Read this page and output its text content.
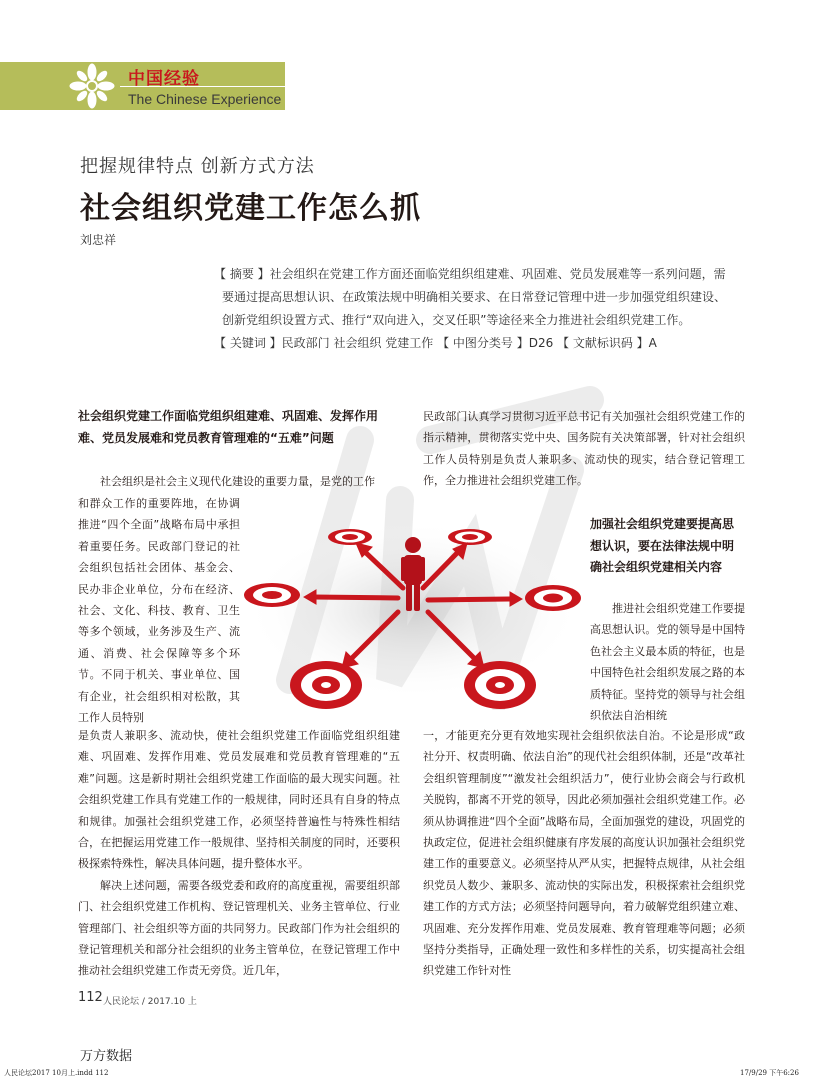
中国经验
The Chinese Experience
把握规律特点 创新方式方法
社会组织党建工作怎么抓
刘忠祥
【 摘要 】社会组织在党建工作方面还面临党组织组建难、巩固难、党员发展难等一系列问题，需
要通过提高思想认识、在政策法规中明确相关要求、在日常登记管理中进一步加强党组织建设、
创新党组织设置方式、推行“双向进入，交叉任职”等途径来全力推进社会组织党建工作。
【 关键词 】民政部门 社会组织 党建工作 【 中图分类号 】D26 【 文献标识码 】A
社会组织党建工作面临党组织组建难、巩固难、发挥作用难、党员发展难和党员教育管理难的“五难”问题
社会组织是社会主义现代化建设的重要力量，是党的工作
和群众工作的重要阵地，在协调推进“四个全面”战略布局中承担着重要任务。民政部门登记的社会组织包括社会团体、基金会、民办非企业单位，分布在经济、社会、文化、科技、教育、卫生等多个领域，业务涉及生产、流通、消费、社会保障等多个环节。不同于机关、事业单位、国有企业，社会组织相对松散，其工作人员特别

是负责人兼职多、流动快，使社会组织党建工作面临党组织组建难、巩固难、发挥作用难、党员发展难和党员教育管理难的“五难”问题。这是新时期社会组织党建工作面临的最大现实问题。社会组织党建工作具有党建工作的一般规律，同时还具有自身的特点和规律。加强社会组织党建工作，必须坚持普遍性与特殊性相结合，在把握运用党建工作一般规律、坚持相关制度的同时，还要积极探索特殊性，解决具体问题，提升整体水平。

解决上述问题，需要各级党委和政府的高度重视，需要组织部门、社会组织党建工作机构、登记管理机关、业务主管单位、行业管理部门、社会组织等方面的共同努力。民政部门作为社会组织的登记管理机关和部分社会组织的业务主管单位，在登记管理工作中推动社会组织党建工作责无旁贷。近几年，

民政部门认真学习贯彻习近平总书记有关加强社会组织党建工作的指示精神，贯彻落实党中央、国务院有关决策部署，针对社会组织工作人员特别是负责人兼职多、流动快的现实，结合登记管理工作，全力推进社会组织党建工作。
加强社会组织党建要提高思想认识，要在法律法规中明确社会组织党建相关内容
推进社会组织党建工作要提高思想认识。党的领导是中国特色社会主义最本质的特征，也是中国特色社会组织发展之路的本质特征。坚持党的领导与社会组织依法自治相统
一，才能更充分更有效地实现社会组织依法自治。不论是形成“政社分开、权责明确、依法自治”的现代社会组织体制，还是“改革社会组织管理制度”“激发社会组织活力”，使行业协会商会与行政机关脱钩，都离不开党的领导，因此必须加强社会组织党建工作。必须从协调推进“四个全面”战略布局，全面加强党的建设，巩固党的执政定位，促进社会组织健康有序发展的高度认识加强社会组织党建工作的重要意义。必须坚持从严从实，把握特点规律，从社会组织党员人数少、兼职多、流动快的实际出发，积极探索社会组织党建工作的方式方法；必须坚持问题导向，着力破解党组织建立难、巩固难、充分发挥作用难、党员发展难、教育管理难等问题；必须坚持分类指导，正确处理一致性和多样性的关系，切实提高社会组织党建工作针对性
112 人民论坛 / 2017.10 上
万方数据
人民论坛2017 10月上.indd 112	17/9/29 下午6:26
